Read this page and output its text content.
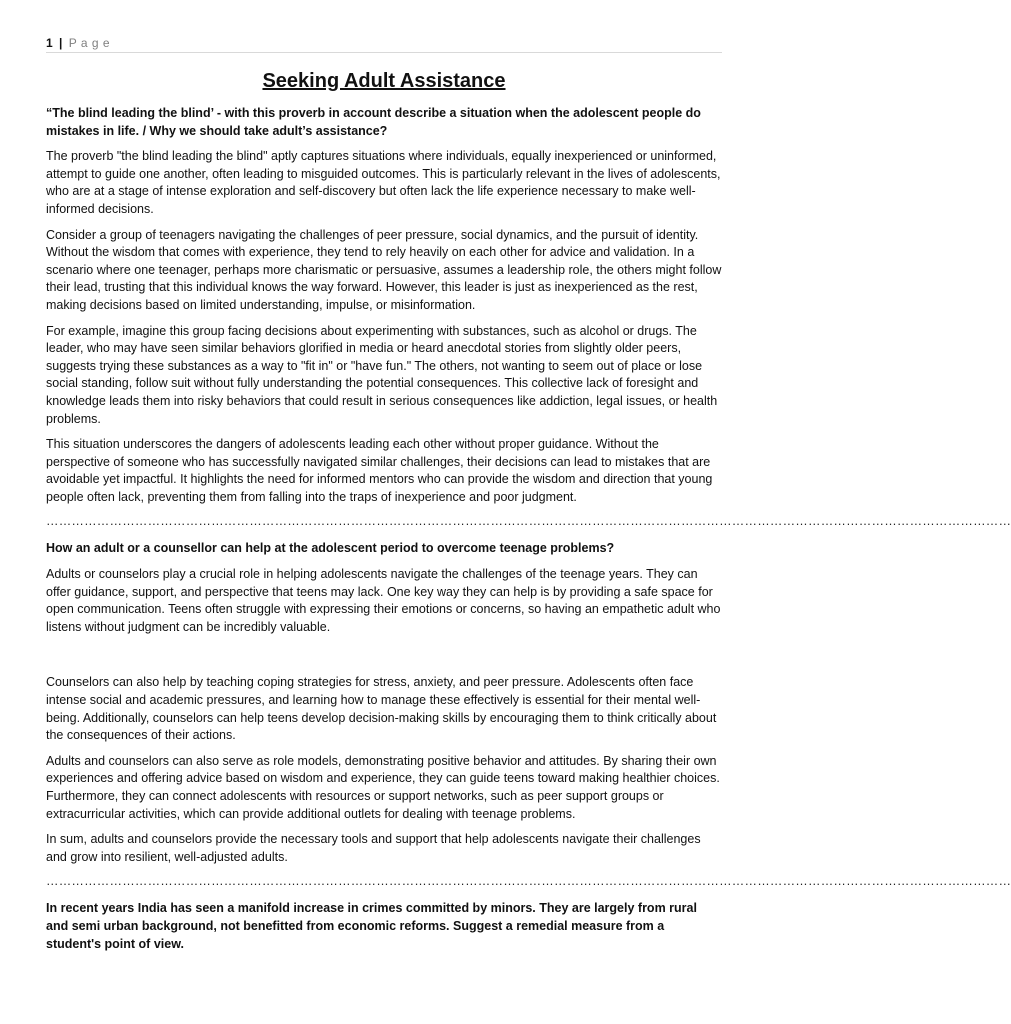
1 | P a g e
Seeking Adult Assistance

“The blind leading the blind’ - with this proverb in account describe a situation when the adolescent people do mistakes in life. / Why we should take adult’s assistance?

The proverb "the blind leading the blind" aptly captures situations where individuals, equally inexperienced or uninformed, attempt to guide one another, often leading to misguided outcomes. This is particularly relevant in the lives of adolescents, who are at a stage of intense exploration and self-discovery but often lack the life experience necessary to make well-informed decisions.

Consider a group of teenagers navigating the challenges of peer pressure, social dynamics, and the pursuit of identity. Without the wisdom that comes with experience, they tend to rely heavily on each other for advice and validation. In a scenario where one teenager, perhaps more charismatic or persuasive, assumes a leadership role, the others might follow their lead, trusting that this individual knows the way forward. However, this leader is just as inexperienced as the rest, making decisions based on limited understanding, impulse, or misinformation.

For example, imagine this group facing decisions about experimenting with substances, such as alcohol or drugs. The leader, who may have seen similar behaviors glorified in media or heard anecdotal stories from slightly older peers, suggests trying these substances as a way to "fit in" or "have fun." The others, not wanting to seem out of place or lose social standing, follow suit without fully understanding the potential consequences. This collective lack of foresight and knowledge leads them into risky behaviors that could result in serious consequences like addiction, legal issues, or health problems.

This situation underscores the dangers of adolescents leading each other without proper guidance. Without the perspective of someone who has successfully navigated similar challenges, their decisions can lead to mistakes that are avoidable yet impactful. It highlights the need for informed mentors who can provide the wisdom and direction that young people often lack, preventing them from falling into the traps of inexperience and poor judgment.

…………………………………………………………………………………………………………………………………………………………………………………………………………

How an adult or a counsellor can help at the adolescent period to overcome teenage problems?

Adults or counselors play a crucial role in helping adolescents navigate the challenges of the teenage years. They can offer guidance, support, and perspective that teens may lack. One key way they can help is by providing a safe space for open communication. Teens often struggle with expressing their emotions or concerns, so having an empathetic adult who listens without judgment can be incredibly valuable.

Counselors can also help by teaching coping strategies for stress, anxiety, and peer pressure. Adolescents often face intense social and academic pressures, and learning how to manage these effectively is essential for their mental well-being. Additionally, counselors can help teens develop decision-making skills by encouraging them to think critically about the consequences of their actions.

Adults and counselors can also serve as role models, demonstrating positive behavior and attitudes. By sharing their own experiences and offering advice based on wisdom and experience, they can guide teens toward making healthier choices. Furthermore, they can connect adolescents with resources or support networks, such as peer support groups or extracurricular activities, which can provide additional outlets for dealing with teenage problems.

In sum, adults and counselors provide the necessary tools and support that help adolescents navigate their challenges and grow into resilient, well-adjusted adults.

…………………………………………………………………………………………………………………………………………………………………………………………………………

In recent years India has seen a manifold increase in crimes committed by minors. They are largely from rural and semi urban background, not benefitted from economic reforms. Suggest a remedial measure from a student's point of view.
